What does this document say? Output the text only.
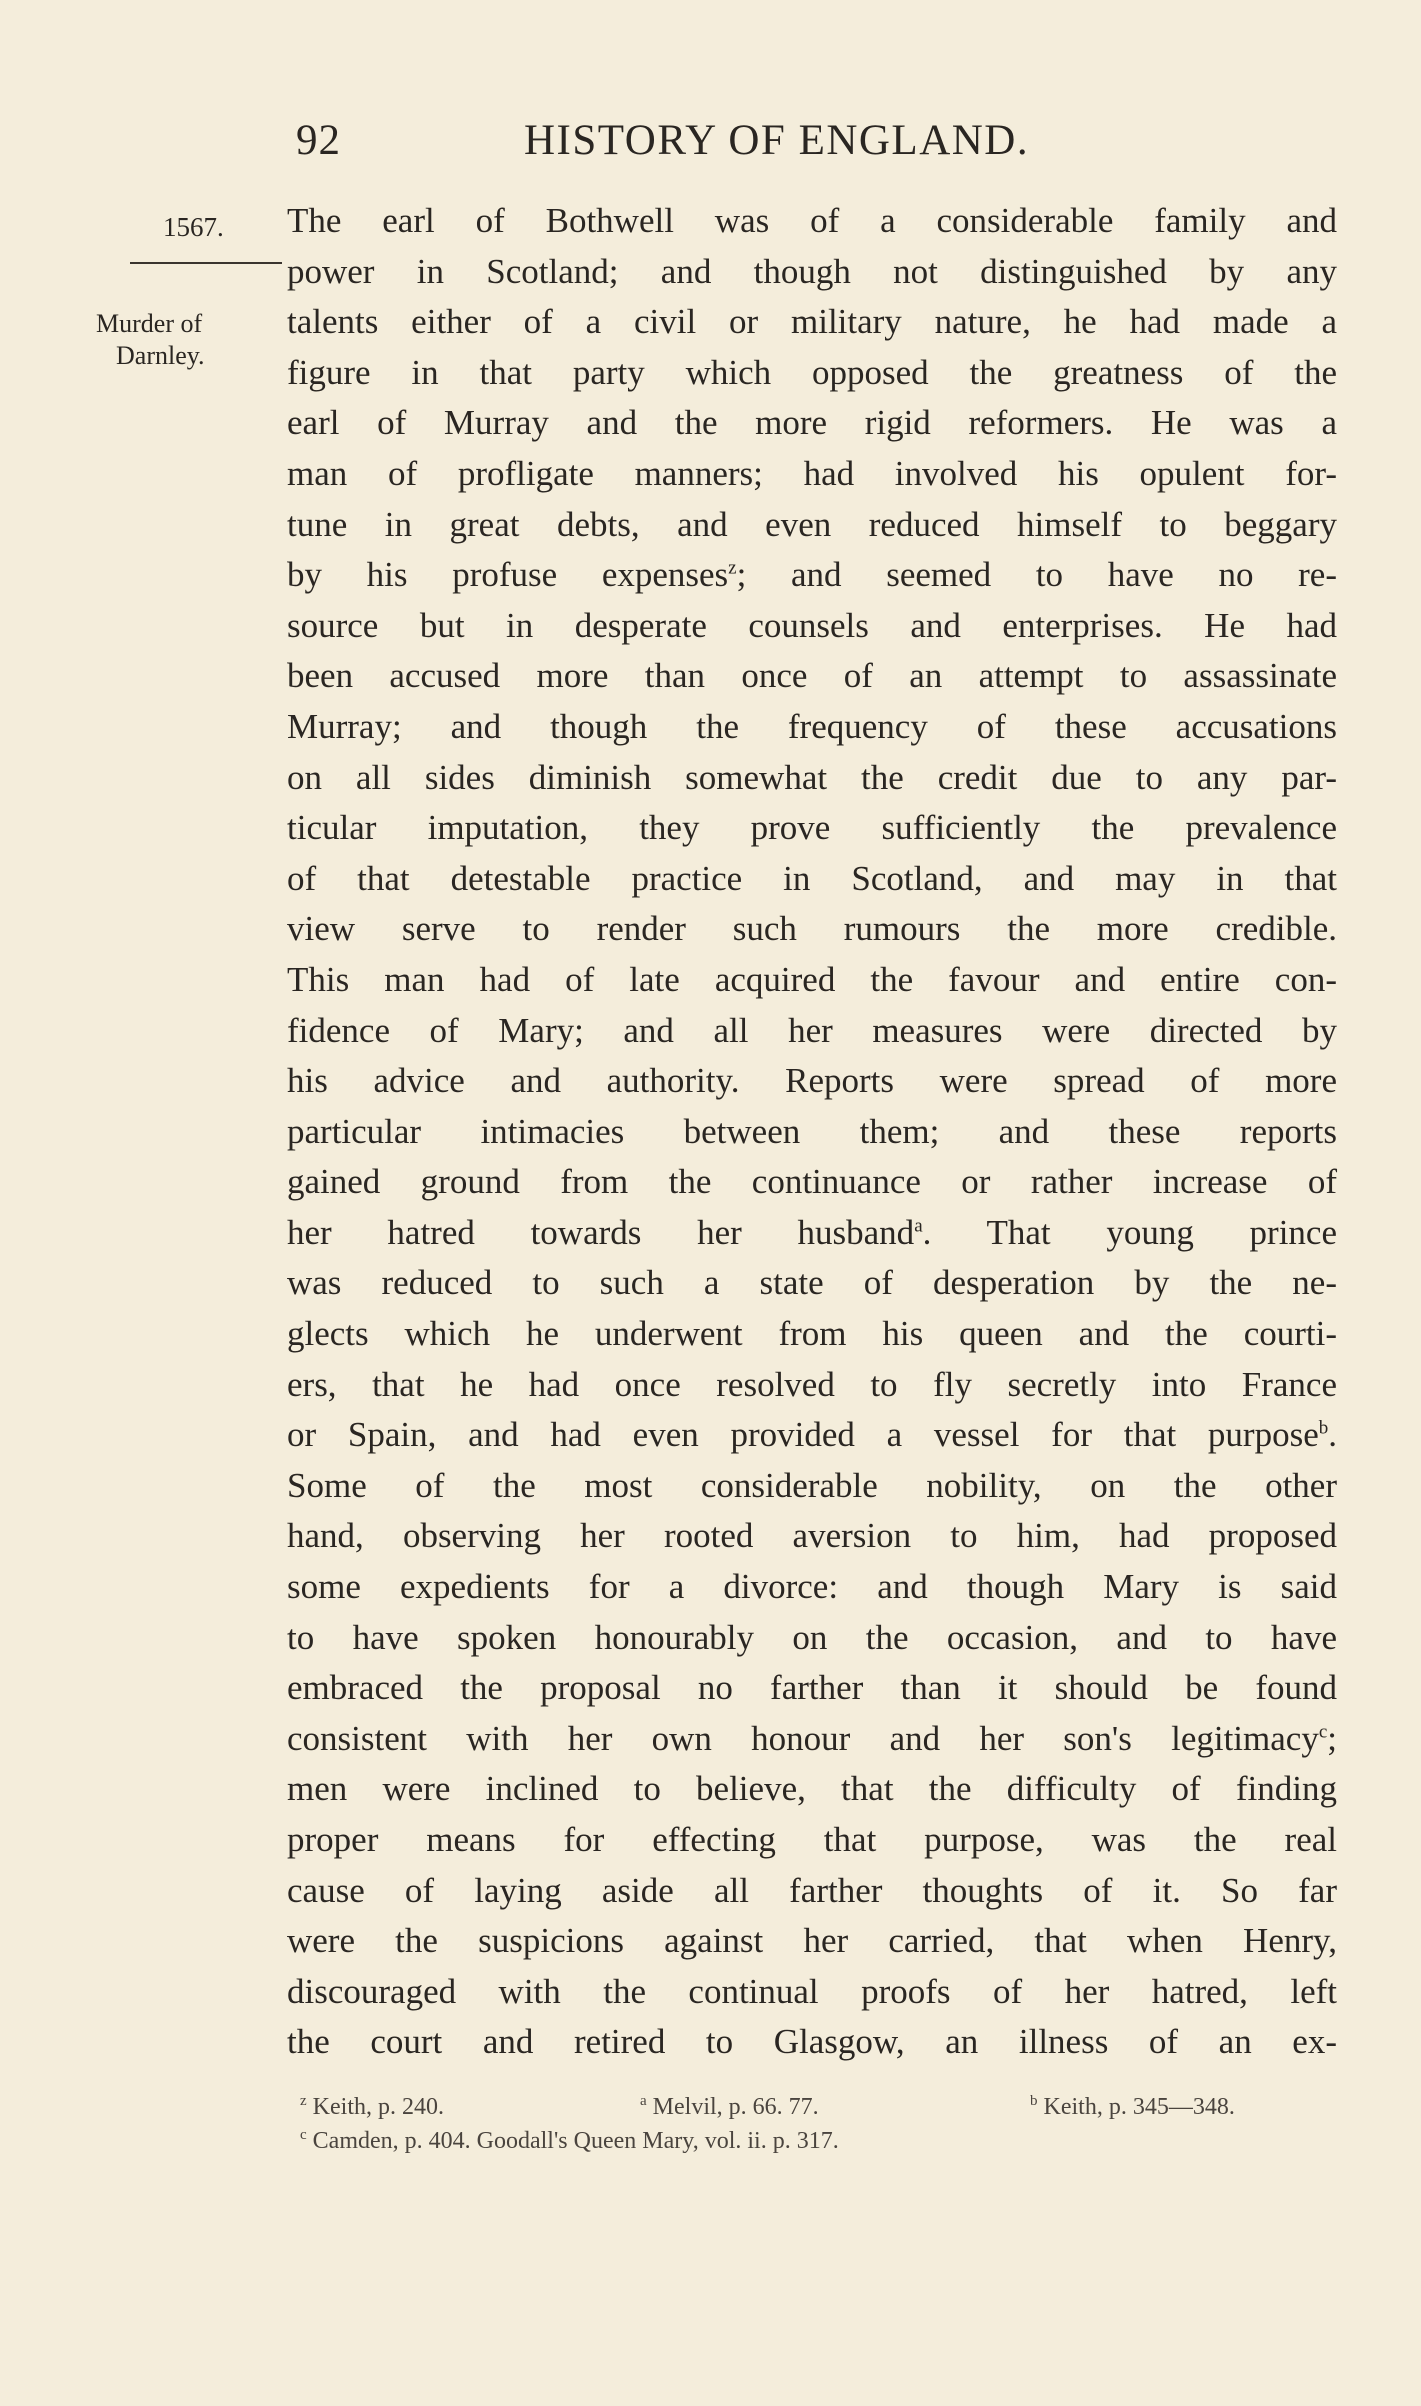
92	HISTORY OF ENGLAND.
1567.
Murder of
Darnley.
The earl of Bothwell was of a considerable family and
power in Scotland; and though not distinguished by any
talents either of a civil or military nature, he had made a
figure in that party which opposed the greatness of the
earl of Murray and the more rigid reformers. He was a
man of profligate manners; had involved his opulent for-
tune in great debts, and even reduced himself to beggary
by his profuse expenses$^z$; and seemed to have no re-
source but in desperate counsels and enterprises. He had
been accused more than once of an attempt to assassinate
Murray; and though the frequency of these accusations
on all sides diminish somewhat the credit due to any par-
ticular imputation, they prove sufficiently the prevalence
of that detestable practice in Scotland, and may in that
view serve to render such rumours the more credible.
This man had of late acquired the favour and entire con-
fidence of Mary; and all her measures were directed by
his advice and authority. Reports were spread of more
particular intimacies between them; and these reports
gained ground from the continuance or rather increase of
her hatred towards her husband$^a$. That young prince
was reduced to such a state of desperation by the ne-
glects which he underwent from his queen and the courti-
ers, that he had once resolved to fly secretly into France
or Spain, and had even provided a vessel for that purpose$^b$.
Some of the most considerable nobility, on the other
hand, observing her rooted aversion to him, had proposed
some expedients for a divorce: and though Mary is said
to have spoken honourably on the occasion, and to have
embraced the proposal no farther than it should be found
consistent with her own honour and her son's legitimacy$^c$;
men were inclined to believe, that the difficulty of finding
proper means for effecting that purpose, was the real
cause of laying aside all farther thoughts of it. So far
were the suspicions against her carried, that when Henry,
discouraged with the continual proofs of her hatred, left
the court and retired to Glasgow, an illness of an ex-
$^z$ Keith, p. 240.	$^a$ Melvil, p. 66. 77.	$^b$ Keith, p. 345—348.
$^c$ Camden, p. 404. Goodall's Queen Mary, vol. ii. p. 317.
